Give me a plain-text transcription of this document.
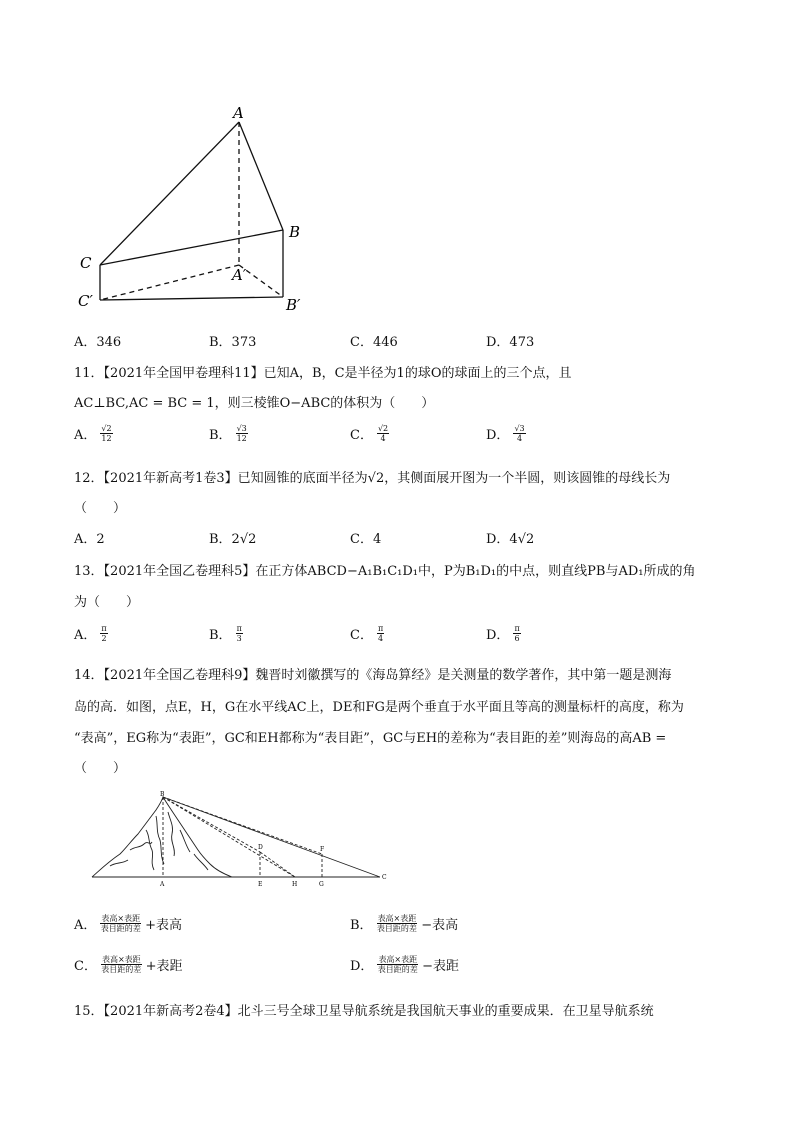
A
B
C
A′
B′
C′
A．346	B．373	C．446	D．473
11．【2021年全国甲卷理科11】已知A，B，C是半径为1的球O的球面上的三个点，且
AC⊥BC,AC = BC = 1，则三棱锥O−ABC的体积为（　　）
A． $\frac{√2}{12}$	B． $\frac{√3}{12}$	C． $\frac{√2}{4}$	D． $\frac{√3}{4}$
12．【2021年新高考1卷3】已知圆锥的底面半径为√2，其侧面展开图为一个半圆，则该圆锥的母线长为
（　　）
A．2	B．2√2	C．4	D．4√2
13．【2021年全国乙卷理科5】在正方体ABCD−A₁B₁C₁D₁中，P为B₁D₁的中点，则直线PB与AD₁所成的角
为（　　）
A． $\frac{\pi}{2}$	B． $\frac{\pi}{3}$	C． $\frac{\pi}{4}$	D． $\frac{\pi}{6}$
14．【2021年全国乙卷理科9】魏晋时刘徽撰写的《海岛算经》是关测量的数学著作，其中第一题是测海
岛的高．如图，点E，H，G在水平线AC上，DE和FG是两个垂直于水平面且等高的测量标杆的高度，称为
“表高”，EG称为“表距”，GC和EH都称为“表目距”，GC与EH的差称为“表目距的差”则海岛的高AB =
（　　）
B
D	F
A	E	H	G
C
A． $\frac{\text{表高×表距}}{\text{表目距的差}}$ +表高	B． $\frac{\text{表高×表距}}{\text{表目距的差}}$ −表高
C． $\frac{\text{表高×表距}}{\text{表目距的差}}$ +表距	D． $\frac{\text{表高×表距}}{\text{表目距的差}}$ −表距
15．【2021年新高考2卷4】北斗三号全球卫星导航系统是我国航天事业的重要成果．在卫星导航系统
